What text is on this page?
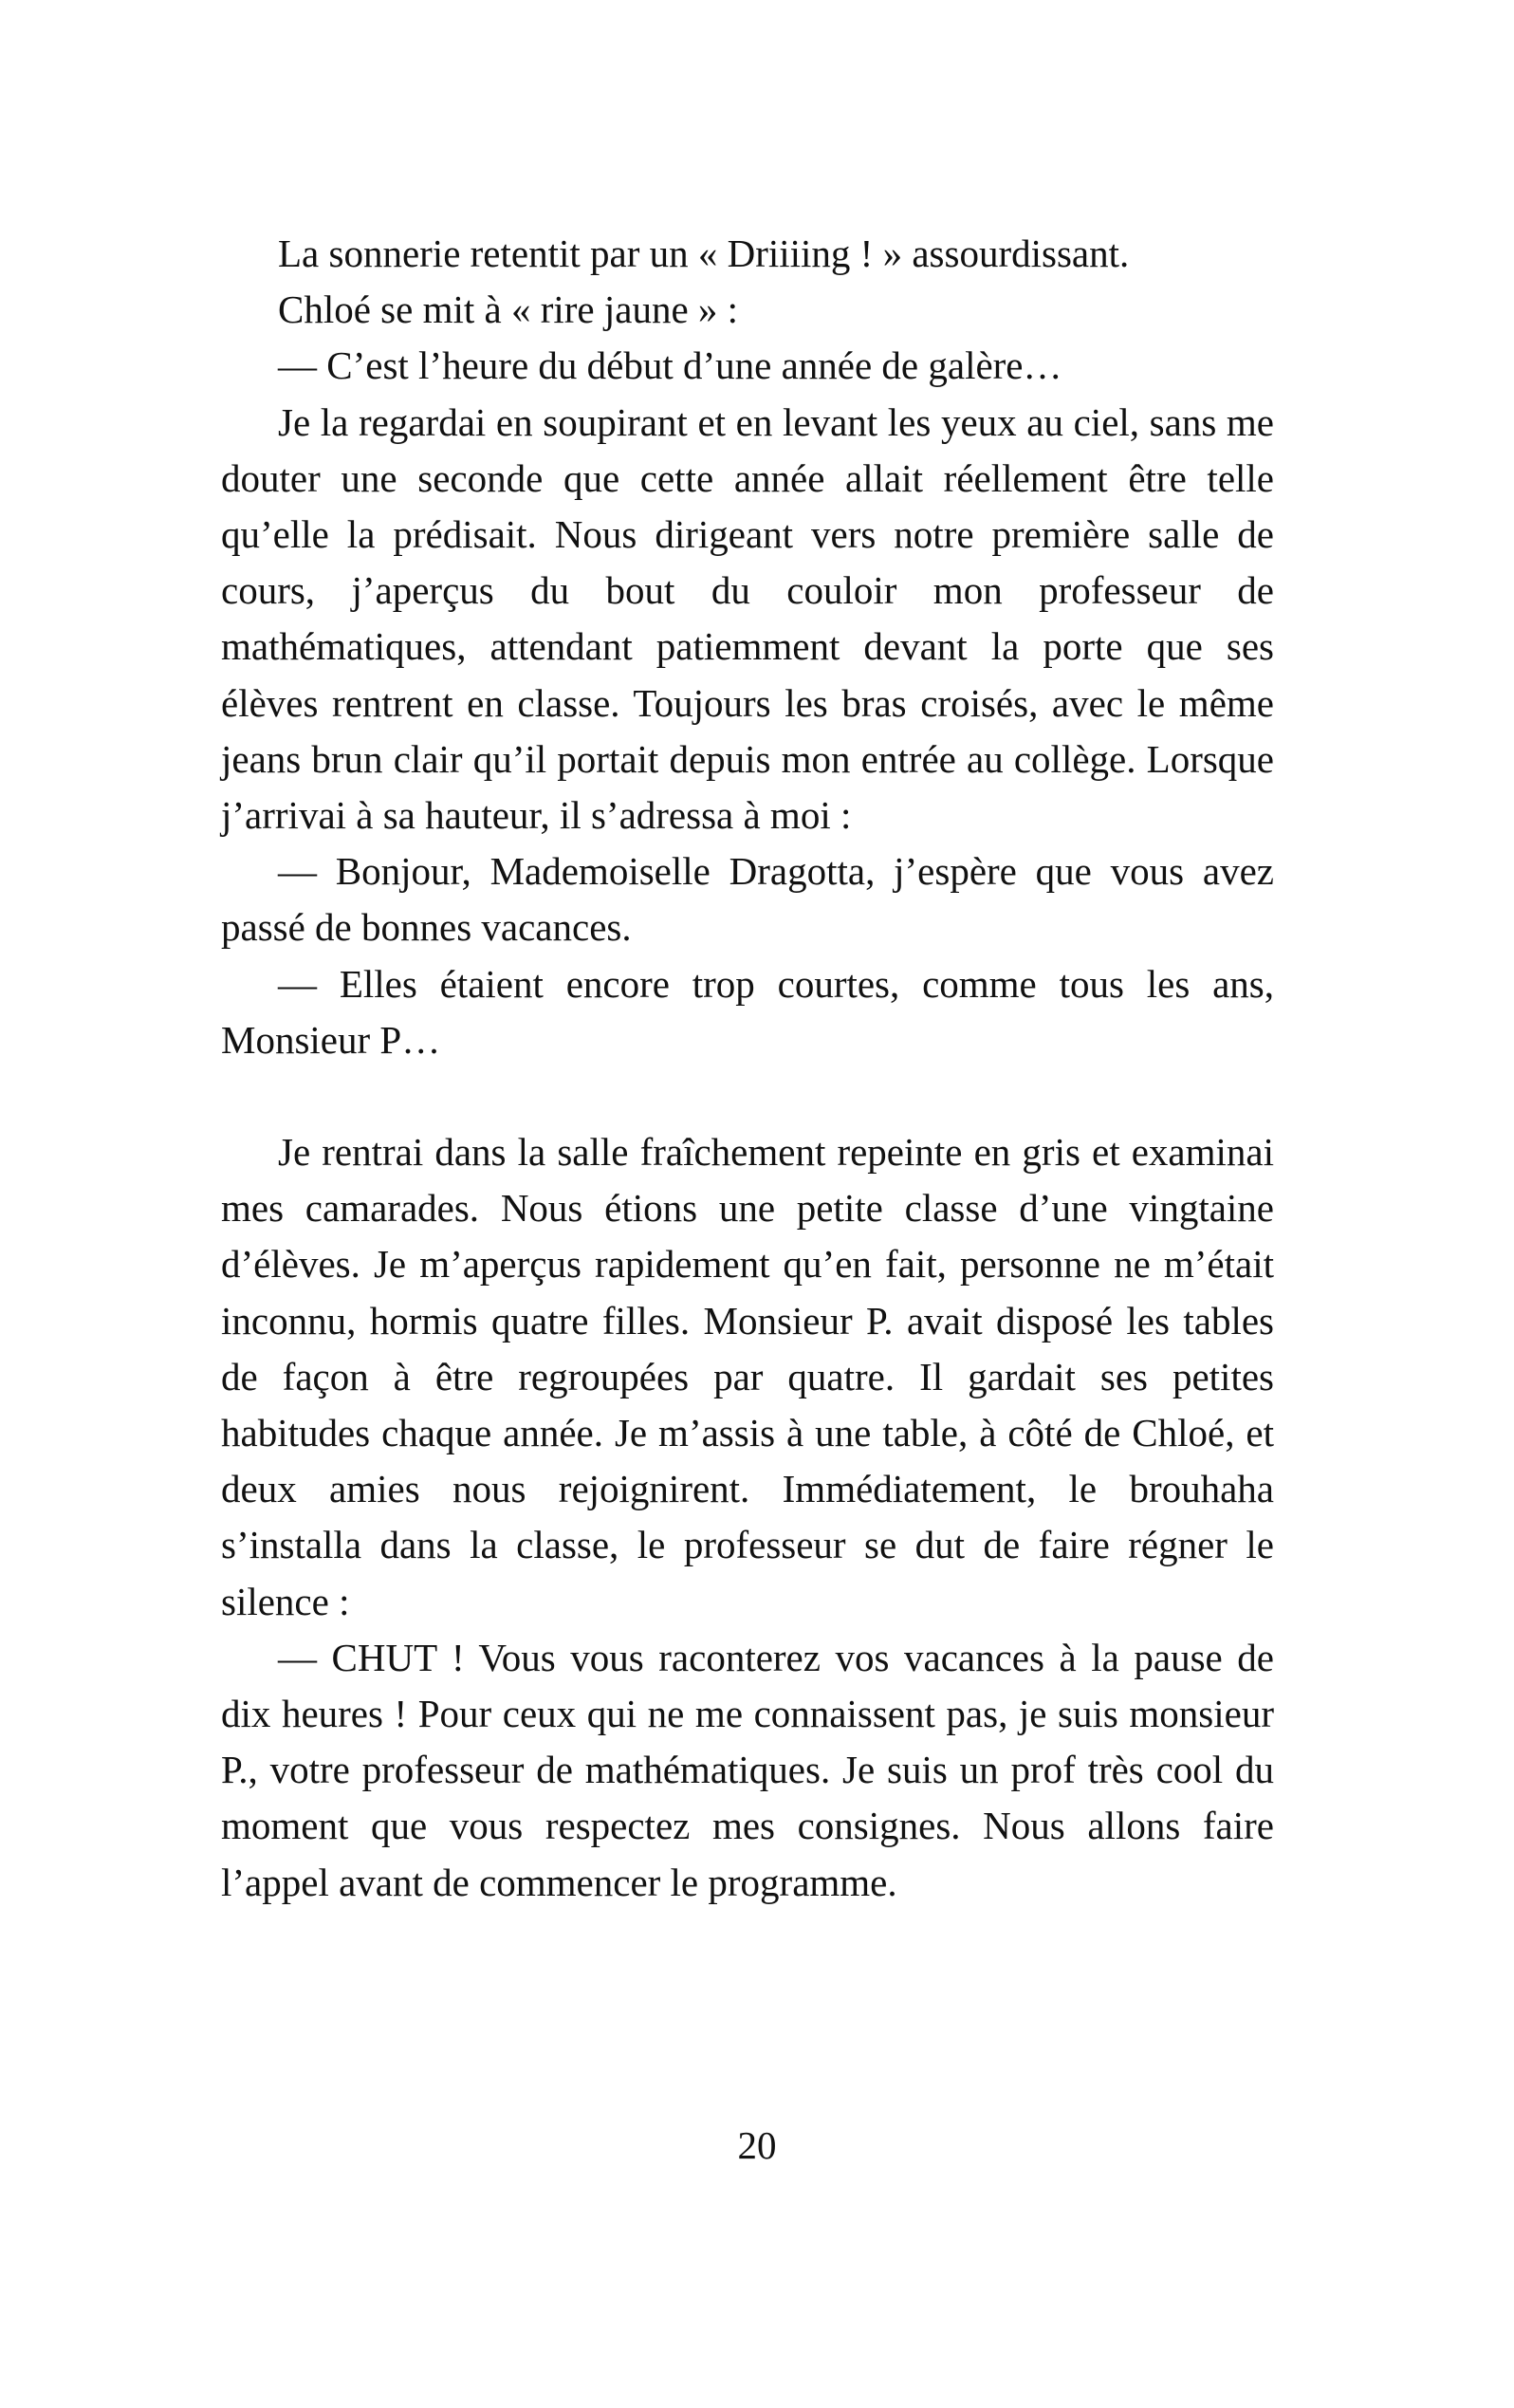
La sonnerie retentit par un « Driiiing ! » assourdissant.

Chloé se mit à « rire jaune » :

— C’est l’heure du début d’une année de galère…

Je la regardai en soupirant et en levant les yeux au ciel, sans me douter une seconde que cette année allait réellement être telle qu’elle la prédisait. Nous dirigeant vers notre première salle de cours, j’aperçus du bout du couloir mon professeur de mathématiques, attendant patiemment devant la porte que ses élèves rentrent en classe. Toujours les bras croisés, avec le même jeans brun clair qu’il portait depuis mon entrée au collège. Lorsque j’arrivai à sa hauteur, il s’adressa à moi :

— Bonjour, Mademoiselle Dragotta, j’espère que vous avez passé de bonnes vacances.

— Elles étaient encore trop courtes, comme tous les ans, Monsieur P…

Je rentrai dans la salle fraîchement repeinte en gris et examinai mes camarades. Nous étions une petite classe d’une vingtaine d’élèves. Je m’aperçus rapidement qu’en fait, personne ne m’était inconnu, hormis quatre filles. Monsieur P. avait disposé les tables de façon à être regroupées par quatre. Il gardait ses petites habitudes chaque année. Je m’assis à une table, à côté de Chloé, et deux amies nous rejoignirent. Immédiatement, le brouhaha s’installa dans la classe, le professeur se dut de faire régner le silence :

— CHUT ! Vous vous raconterez vos vacances à la pause de dix heures ! Pour ceux qui ne me connaissent pas, je suis monsieur P., votre professeur de mathématiques. Je suis un prof très cool du moment que vous respectez mes consignes. Nous allons faire l’appel avant de commencer le programme.

20
